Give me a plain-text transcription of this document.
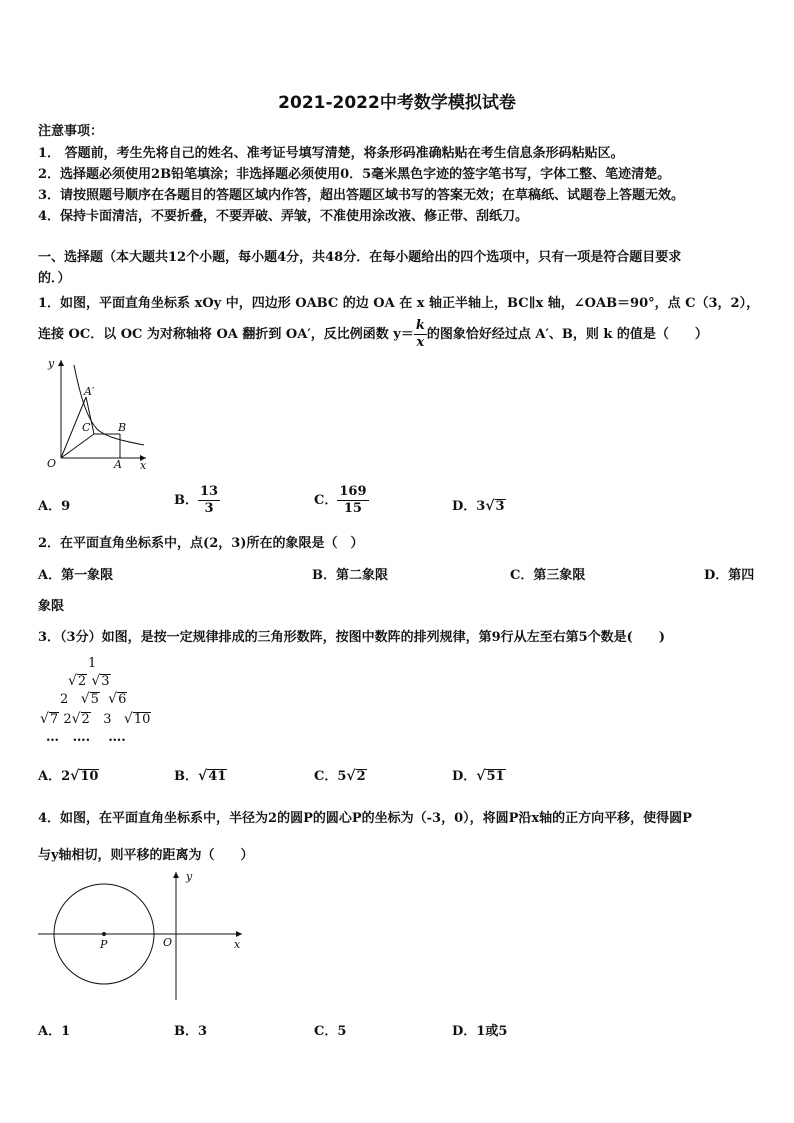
2021-2022中考数学模拟试卷
注意事项：
1． 答题前，考生先将自己的姓名、准考证号填写清楚，将条形码准确粘贴在考生信息条形码粘贴区。
2．选择题必须使用2B铅笔填涂；非选择题必须使用0．5毫米黑色字迹的签字笔书写，字体工整、笔迹清楚。
3．请按照题号顺序在各题目的答题区域内作答，超出答题区域书写的答案无效；在草稿纸、试题卷上答题无效。
4．保持卡面清洁，不要折叠，不要弄破、弄皱，不准使用涂改液、修正带、刮纸刀。
一、选择题（本大题共12个小题，每小题4分，共48分．在每小题给出的四个选项中，只有一项是符合题目要求
的．）
1．如图，平面直角坐标系 xOy 中，四边形 OABC 的边 OA 在 x 轴正半轴上，BC∥x 轴，∠OAB＝90°，点 C（3，2），
连接 OC．以 OC 为对称轴将 OA 翻折到 OA′，反比例函数 $y= \frac{k}{x}$ 的图象恰好经过点 A′、B，则 k 的值是（　　）
y
A′
C	B
O	A x
A．9	B． $\frac{13}{3}$	C． $\frac{169}{15}$	D．3√3
2．在平面直角坐标系中，点(2，3)所在的象限是（　）
A．第一象限	B．第二象限	C．第三象限	D．第四
象限
3．（3分）如图，是按一定规律排成的三角形数阵，按图中数阵的排列规律，第9行从左至右第5个数是(　　)
1
√2 √3
2 √5 √6
√7 2√2 3 √10
… …. ….
A．2√10	B．√41	C．5√2	D．√51
4．如图，在平面直角坐标系中，半径为2的圆P的圆心P的坐标为（-3，0），将圆P沿x轴的正方向平移，使得圆P
与y轴相切，则平移的距离为（　　）
y
P	O	x
A．1	B．3	C．5	D．1或5
